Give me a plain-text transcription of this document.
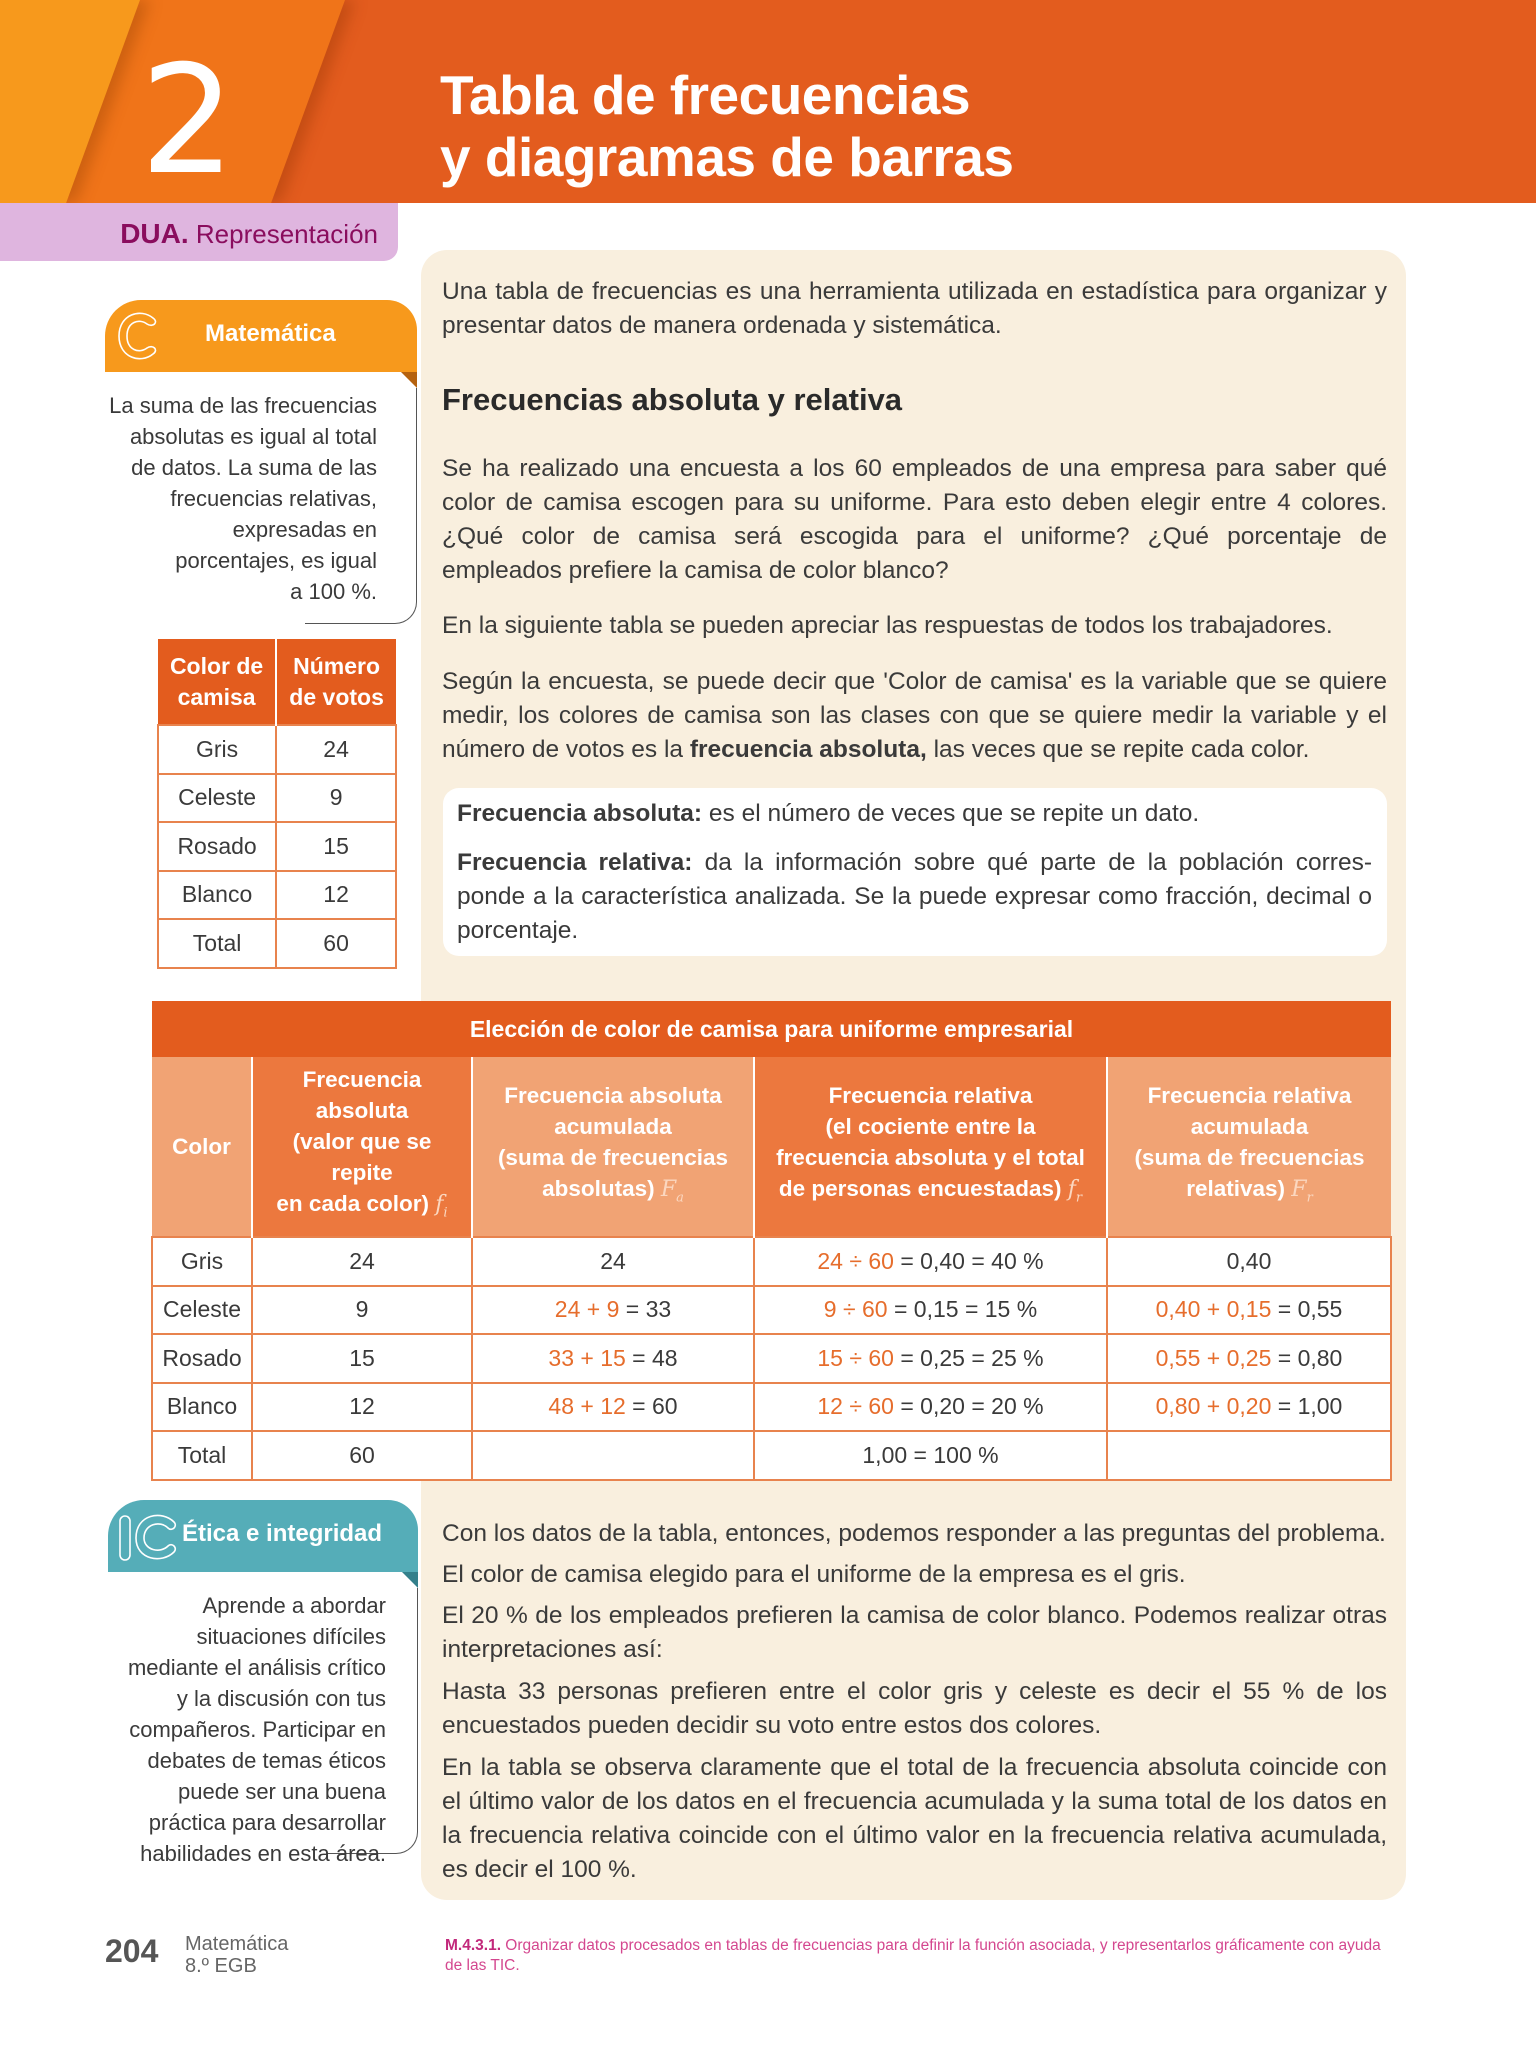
2	Tabla de frecuencias
y diagramas de barras
DUA. Representación
Matemática
La suma de las frecuencias
absolutas es igual al total
de datos. La suma de las
frecuencias relativas,
expresadas en
porcentajes, es igual
a 100 %.
Color de
camisa

Número
de votos

Gris	24
Celeste	9
Rosado	15
Blanco	12
Total	60

Una tabla de frecuencias es una herramienta utilizada en estadística para organizar y presentar datos de manera ordenada y sistemática.

Frecuencias absoluta y relativa

Se ha realizado una encuesta a los 60 empleados de una empresa para saber qué color de camisa escogen para su uniforme. Para esto deben elegir entre 4 colores. ¿Qué color de camisa será escogida para el uniforme? ¿Qué porcentaje de empleados prefiere la camisa de color blanco?

En la siguiente tabla se pueden apreciar las respuestas de todos los trabajadores.

Según la encuesta, se puede decir que 'Color de camisa' es la variable que se quiere medir, los colores de camisa son las clases con que se quiere medir la variable y el número de votos es la frecuencia absoluta, las veces que se repite cada color.

Frecuencia absoluta: es el número de veces que se repite un dato.

Frecuencia relativa: da la información sobre qué parte de la población corres-ponde a la característica analizada. Se la puede expresar como fracción, decimal o porcentaje.

Elección de color de camisa para uniforme empresarial				

Color

Frecuencia
absoluta
(valor que se
repite
en cada color) $f_i$

Frecuencia absoluta
acumulada
(suma de frecuencias
absolutas) $F_a$

Frecuencia relativa
(el cociente entre la
frecuencia absoluta y el total
de personas encuestadas) $f_r$

Frecuencia relativa
acumulada
(suma de frecuencias
relativas) $F_r$

Gris	24	24	24 ÷ 60 = 0,40 = 40 %	0,40
Celeste	9	24 + 9 = 33	9 ÷ 60 = 0,15 = 15 %	0,40 + 0,15 = 0,55
Rosado	15	33 + 15 = 48	15 ÷ 60 = 0,25 = 25 %	0,55 + 0,25 = 0,80
Blanco	12	48 + 12 = 60	12 ÷ 60 = 0,20 = 20 %	0,80 + 0,20 = 1,00
Total	60		1,00 = 100 %	
Ética e integridad
Aprende a abordar
situaciones difíciles
mediante el análisis crítico
y la discusión con tus
compañeros. Participar en
debates de temas éticos
puede ser una buena
práctica para desarrollar
habilidades en esta área.

Con los datos de la tabla, entonces, podemos responder a las preguntas del problema.

El color de camisa elegido para el uniforme de la empresa es el gris.

El 20 % de los empleados prefieren la camisa de color blanco. Podemos realizar otras interpretaciones así:

Hasta 33 personas prefieren entre el color gris y celeste es decir el 55 % de los encuestados pueden decidir su voto entre estos dos colores.

En la tabla se observa claramente que el total de la frecuencia absoluta coincide con el último valor de los datos en el frecuencia acumulada y la suma total de los datos en la frecuencia relativa coincide con el último valor en la frecuencia relativa acumulada, es decir el 100 %.

204 Matemática
8.º EGB
M.4.3.1. Organizar datos procesados en tablas de frecuencias para definir la función asociada, y representarlos gráficamente con ayuda de las TIC.
